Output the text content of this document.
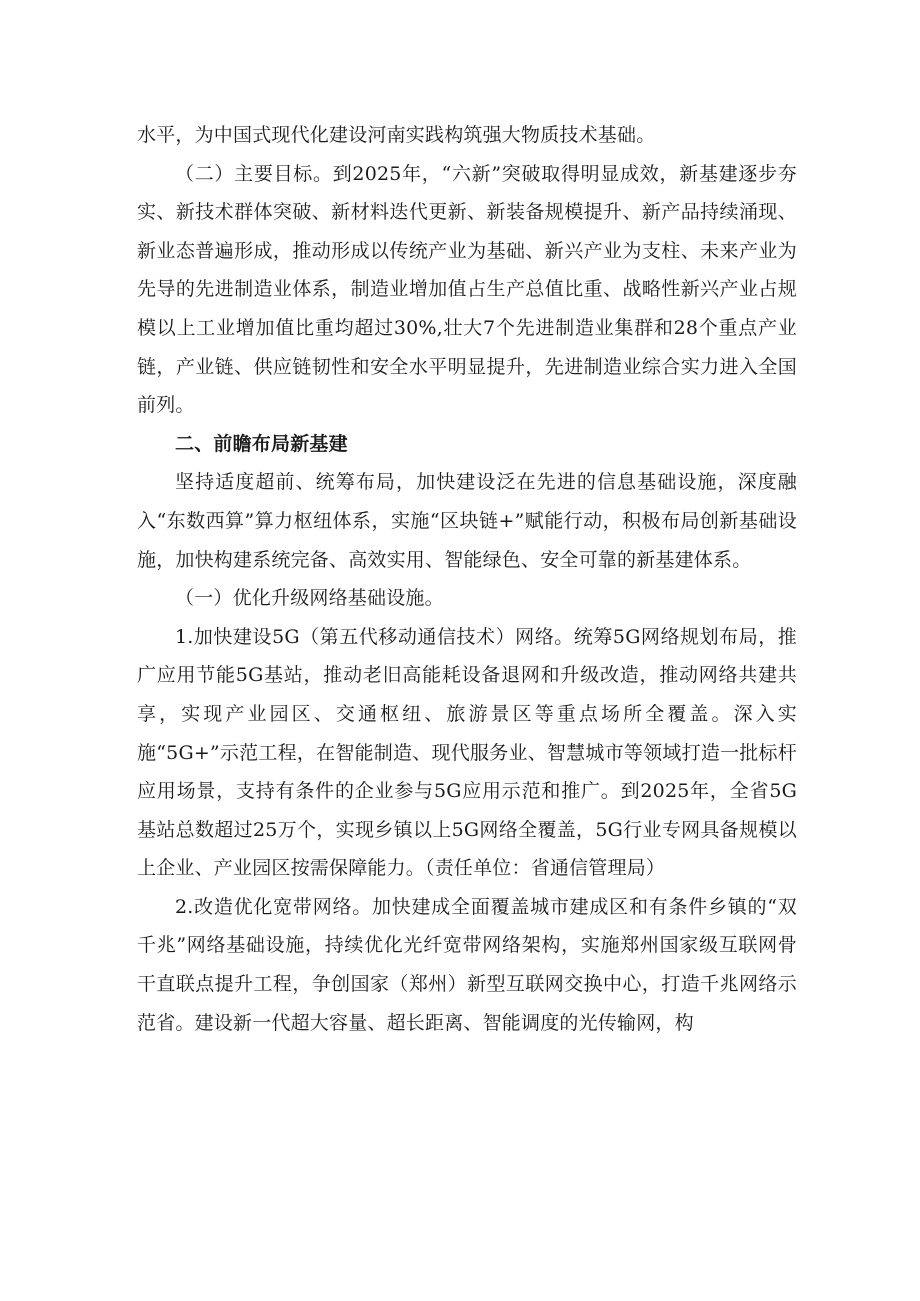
水平，为中国式现代化建设河南实践构筑强大物质技术基础。

（二）主要目标。到2025年，“六新”突破取得明显成效，新基建逐步夯实、新技术群体突破、新材料迭代更新、新装备规模提升、新产品持续涌现、新业态普遍形成，推动形成以传统产业为基础、新兴产业为支柱、未来产业为先导的先进制造业体系，制造业增加值占生产总值比重、战略性新兴产业占规模以上工业增加值比重均超过30%,壮大7个先进制造业集群和28个重点产业链，产业链、供应链韧性和安全水平明显提升，先进制造业综合实力进入全国前列。

二、前瞻布局新基建

坚持适度超前、统筹布局，加快建设泛在先进的信息基础设施，深度融入“东数西算”算力枢纽体系，实施“区块链+”赋能行动，积极布局创新基础设施，加快构建系统完备、高效实用、智能绿色、安全可靠的新基建体系。

（一）优化升级网络基础设施。

1.加快建设5G（第五代移动通信技术）网络。统筹5G网络规划布局，推广应用节能5G基站，推动老旧高能耗设备退网和升级改造，推动网络共建共享，实现产业园区、交通枢纽、旅游景区等重点场所全覆盖。深入实施“5G+”示范工程，在智能制造、现代服务业、智慧城市等领域打造一批标杆应用场景，支持有条件的企业参与5G应用示范和推广。到2025年，全省5G基站总数超过25万个，实现乡镇以上5G网络全覆盖，5G行业专网具备规模以上企业、产业园区按需保障能力。（责任单位：省通信管理局）

2.改造优化宽带网络。加快建成全面覆盖城市建成区和有条件乡镇的“双千兆”网络基础设施，持续优化光纤宽带网络架构，实施郑州国家级互联网骨干直联点提升工程，争创国家（郑州）新型互联网交换中心，打造千兆网络示范省。建设新一代超大容量、超长距离、智能调度的光传输网，构
